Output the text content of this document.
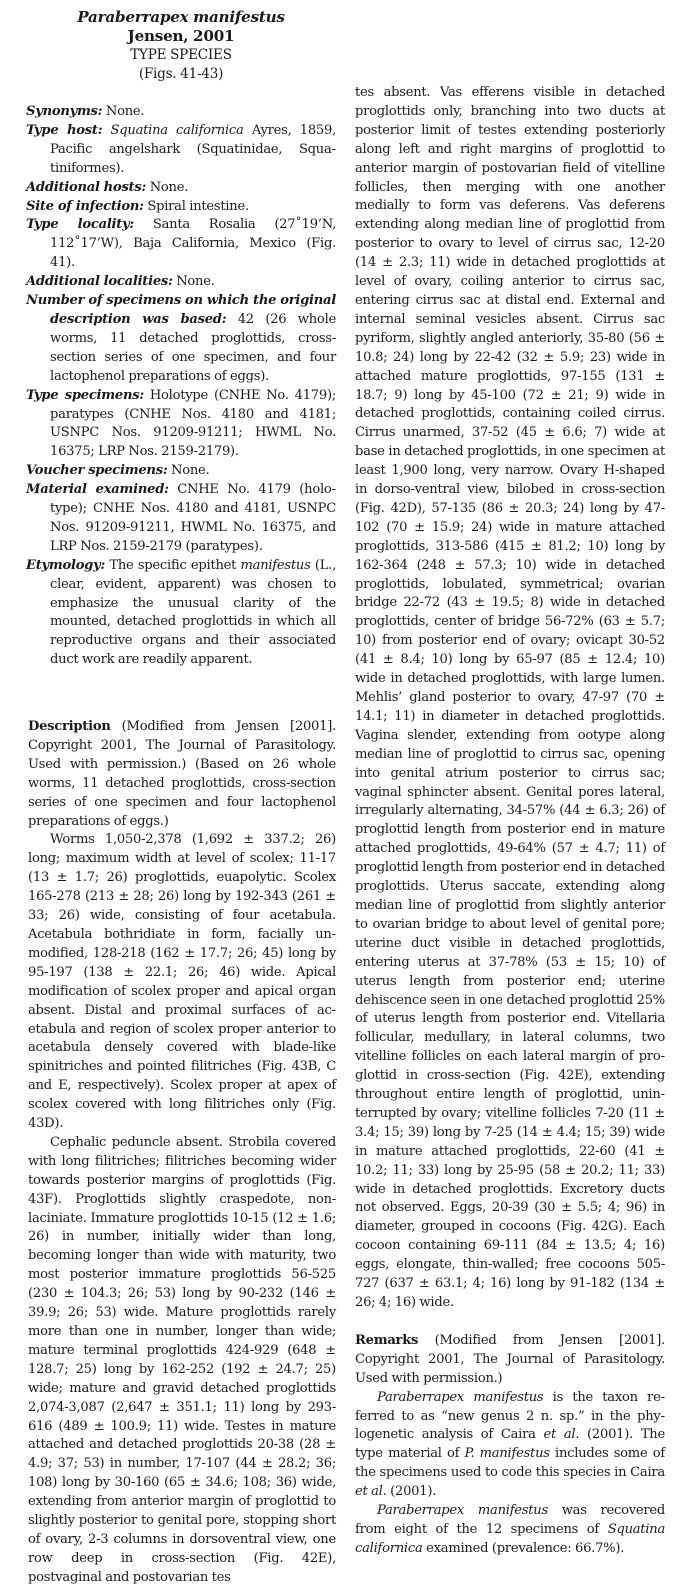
Paraberrapex manifestus
Jensen, 2001
TYPE SPECIES
(Figs. 41-43)

Synonyms: None.

Type host: Squatina californica Ayres, 1859, Pacific angelshark (Squatinidae, Squatiniformes).

Additional hosts: None.

Site of infection: Spiral intestine.

Type locality: Santa Rosalia (27˚19’N, 112˚17’W), Baja California, Mexico (Fig. 41).

Additional localities: None.

Number of specimens on which the original description was based: 42 (26 whole worms, 11 detached proglottids, cross-section series of one specimen, and four lactophenol preparations of eggs).

Type specimens: Holotype (CNHE No. 4179); paratypes (CNHE Nos. 4180 and 4181; USNPC Nos. 91209-91211; HWML No. 16375; LRP Nos. 2159-2179).

Voucher specimens: None.

Material examined: CNHE No. 4179 (holotype); CNHE Nos. 4180 and 4181, USNPC Nos. 91209-91211, HWML No. 16375, and LRP Nos. 2159-2179 (paratypes).

Etymology: The specific epithet manifestus (L., clear, evident, apparent) was chosen to emphasize the unusual clarity of the mounted, detached proglottids in which all reproductive organs and their associated duct work are readily apparent.

Description (Modified from Jensen [2001]. Copyright 2001, The Journal of Parasitology. Used with permission.) (Based on 26 whole worms, 11 detached proglottids, cross-section series of one specimen and four lactophenol preparations of eggs.)

Worms 1,050-2,378 (1,692 ± 337.2; 26) long; maximum width at level of scolex; 11-17 (13 ± 1.7; 26) proglottids, euapolytic. Scolex 165-278 (213 ± 28; 26) long by 192-343 (261 ± 33; 26) wide, consisting of four acetabula. Acetabula bothridiate in form, facially unmodified, 128-218 (162 ± 17.7; 26; 45) long by 95-197 (138 ± 22.1; 26; 46) wide. Apical modification of scolex proper and apical organ absent. Distal and proximal surfaces of acetabula and region of scolex proper anterior to acetabula densely covered with blade-like spinitriches and pointed filitriches (Fig. 43B, C and E, respectively). Scolex proper at apex of scolex covered with long filitriches only (Fig. 43D).

Cephalic peduncle absent. Strobila covered with long filitriches; filitriches becoming wider towards posterior margins of proglottids (Fig. 43F). Proglottids slightly craspedote, non-laciniate. Immature proglottids 10-15 (12 ± 1.6; 26) in number, initially wider than long, becoming longer than wide with maturity, two most posterior immature proglottids 56-525 (230 ± 104.3; 26; 53) long by 90-232 (146 ± 39.9; 26; 53) wide. Mature proglottids rarely more than one in number, longer than wide; mature terminal proglottids 424-929 (648 ± 128.7; 25) long by 162-252 (192 ± 24.7; 25) wide; mature and gravid detached proglottids 2,074-3,087 (2,647 ± 351.1; 11) long by 293-616 (489 ± 100.9; 11) wide. Testes in mature attached and detached proglottids 20-38 (28 ± 4.9; 37; 53) in number, 17-107 (44 ± 28.2; 36; 108) long by 30-160 (65 ± 34.6; 108; 36) wide, extending from anterior margin of proglottid to slightly posterior to genital pore, stopping short of ovary, 2-3 columns in dorsoventral view, one row deep in cross-section (Fig. 42E), postvaginal and postovarian tes

tes absent. Vas efferens visible in detached proglottids only, branching into two ducts at posterior limit of testes extending posteriorly along left and right margins of proglottid to anterior margin of postovarian field of vitelline follicles, then merging with one another medially to form vas deferens. Vas deferens extending along median line of proglottid from posterior to ovary to level of cirrus sac, 12-20 (14 ± 2.3; 11) wide in detached proglottids at level of ovary, coiling anterior to cirrus sac, entering cirrus sac at distal end. External and internal seminal vesicles absent. Cirrus sac pyriform, slightly angled anteriorly, 35-80 (56 ± 10.8; 24) long by 22-42 (32 ± 5.9; 23) wide in attached mature proglottids, 97-155 (131 ± 18.7; 9) long by 45-100 (72 ± 21; 9) wide in detached proglottids, containing coiled cirrus. Cirrus unarmed, 37-52 (45 ± 6.6; 7) wide at base in detached proglottids, in one specimen at least 1,900 long, very narrow. Ovary H-shaped in dorso-ventral view, bilobed in cross-section (Fig. 42D), 57-135 (86 ± 20.3; 24) long by 47-102 (70 ± 15.9; 24) wide in mature attached proglottids, 313-586 (415 ± 81.2; 10) long by 162-364 (248 ± 57.3; 10) wide in detached proglottids, lobulated, symmetrical; ovarian bridge 22-72 (43 ± 19.5; 8) wide in detached proglottids, center of bridge 56-72% (63 ± 5.7; 10) from posterior end of ovary; ovicapt 30-52 (41 ± 8.4; 10) long by 65-97 (85 ± 12.4; 10) wide in detached proglottids, with large lumen. Mehlis’ gland posterior to ovary, 47-97 (70 ± 14.1; 11) in diameter in detached proglottids. Vagina slender, extending from ootype along median line of proglottid to cirrus sac, opening into genital atrium posterior to cirrus sac; vaginal sphincter absent. Genital pores lateral, irregularly alternating, 34-57% (44 ± 6.3; 26) of proglottid length from posterior end in mature attached proglottids, 49-64% (57 ± 4.7; 11) of proglottid length from posterior end in detached proglottids. Uterus saccate, extending along median line of proglottid from slightly anterior to ovarian bridge to about level of genital pore; uterine duct visible in detached proglottids, entering uterus at 37-78% (53 ± 15; 10) of uterus length from posterior end; uterine dehiscence seen in one detached proglottid 25% of uterus length from posterior end. Vitellaria follicular, medullary, in lateral columns, two vitelline follicles on each lateral margin of proglottid in cross-section (Fig. 42E), extending throughout entire length of proglottid, uninterrupted by ovary; vitelline follicles 7-20 (11 ± 3.4; 15; 39) long by 7-25 (14 ± 4.4; 15; 39) wide in mature attached proglottids, 22-60 (41 ± 10.2; 11; 33) long by 25-95 (58 ± 20.2; 11; 33) wide in detached proglottids. Excretory ducts not observed. Eggs, 20-39 (30 ± 5.5; 4; 96) in diameter, grouped in cocoons (Fig. 42G). Each cocoon containing 69-111 (84 ± 13.5; 4; 16) eggs, elongate, thin-walled; free cocoons 505-727 (637 ± 63.1; 4; 16) long by 91-182 (134 ± 26; 4; 16) wide.

Remarks (Modified from Jensen [2001]. Copyright 2001, The Journal of Parasitology. Used with permission.)

Paraberrapex manifestus is the taxon referred to as “new genus 2 n. sp.” in the phylogenetic analysis of Caira et al. (2001). The type material of P. manifestus includes some of the specimens used to code this species in Caira et al. (2001).

Paraberrapex manifestus was recovered from eight of the 12 specimens of Squatina californica examined (prevalence: 66.7%).
